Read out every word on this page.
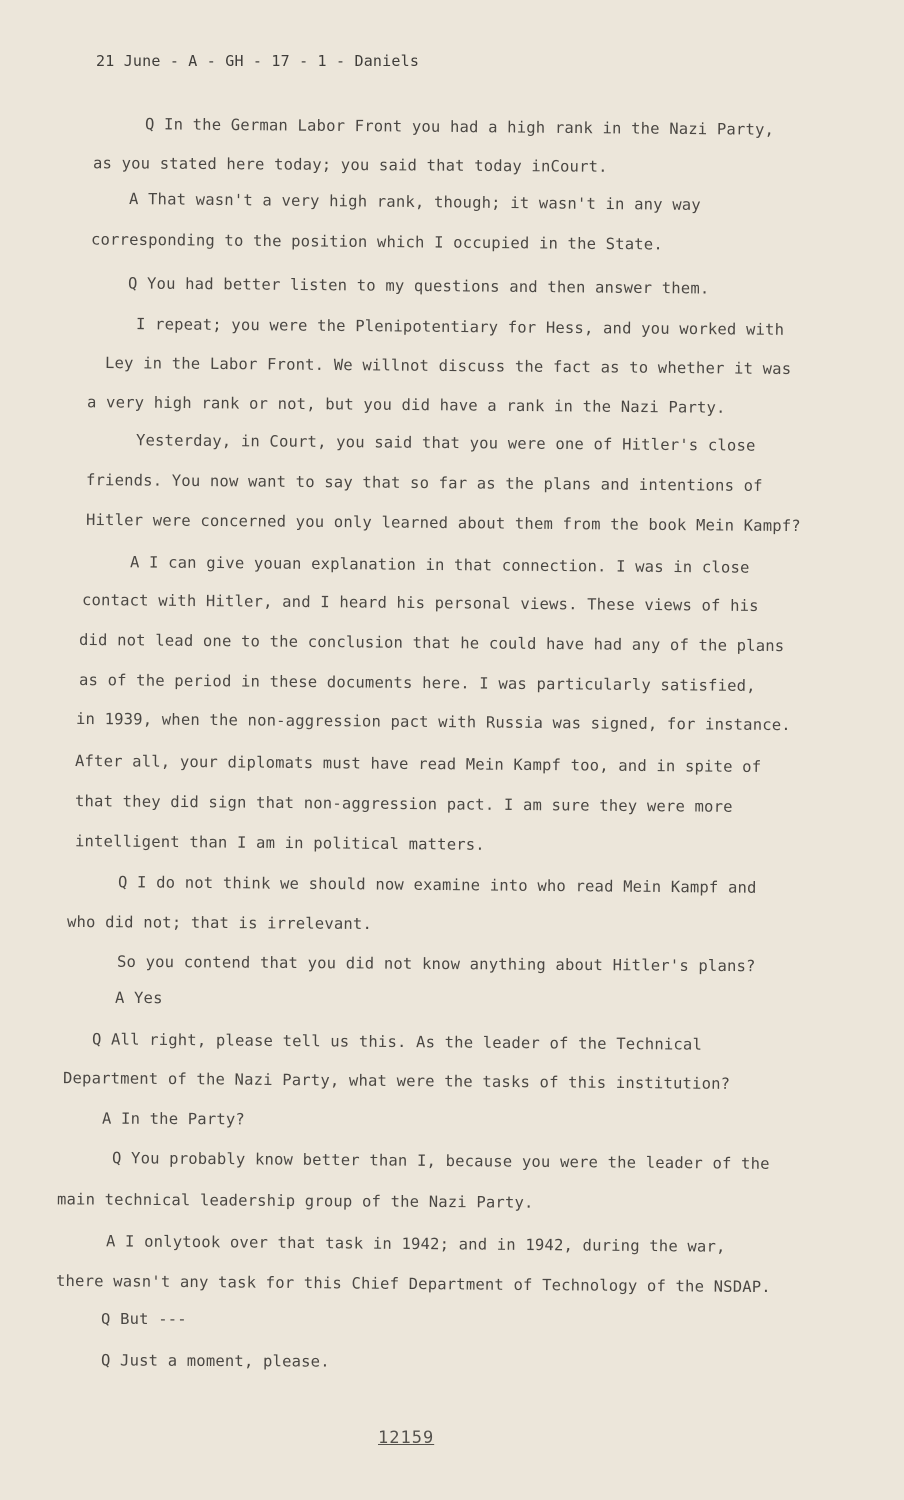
21 June - A - GH - 17 - 1 - Daniels
Q In the German Labor Front you had a high rank in the Nazi Party,
as you stated here today; you said that today inCourt.
A That wasn't a very high rank, though; it wasn't in any way
corresponding to the position which I occupied in the State.
Q You had better listen to my questions and then answer them.
I repeat; you were the Plenipotentiary for Hess, and you worked with
Ley in the Labor Front. We willnot discuss the fact as to whether it was
a very high rank or not, but you did have a rank in the Nazi Party.
Yesterday, in Court, you said that you were one of Hitler's close
friends. You now want to say that so far as the plans and intentions of
Hitler were concerned you only learned about them from the book Mein Kampf?
A I can give youan explanation in that connection. I was in close
contact with Hitler, and I heard his personal views. These views of his
did not lead one to the conclusion that he could have had any of the plans
as of the period in these documents here. I was particularly satisfied,
in 1939, when the non-aggression pact with Russia was signed, for instance.
After all, your diplomats must have read Mein Kampf too, and in spite of
that they did sign that non-aggression pact. I am sure they were more
intelligent than I am in political matters.
Q I do not think we should now examine into who read Mein Kampf and
who did not; that is irrelevant.
So you contend that you did not know anything about Hitler's plans?
A Yes
Q All right, please tell us this. As the leader of the Technical
Department of the Nazi Party, what were the tasks of this institution?
A In the Party?
Q You probably know better than I, because you were the leader of the
main technical leadership group of the Nazi Party.
A I onlytook over that task in 1942; and in 1942, during the war,
there wasn't any task for this Chief Department of Technology of the NSDAP.
Q But ---
Q Just a moment, please.
12159
